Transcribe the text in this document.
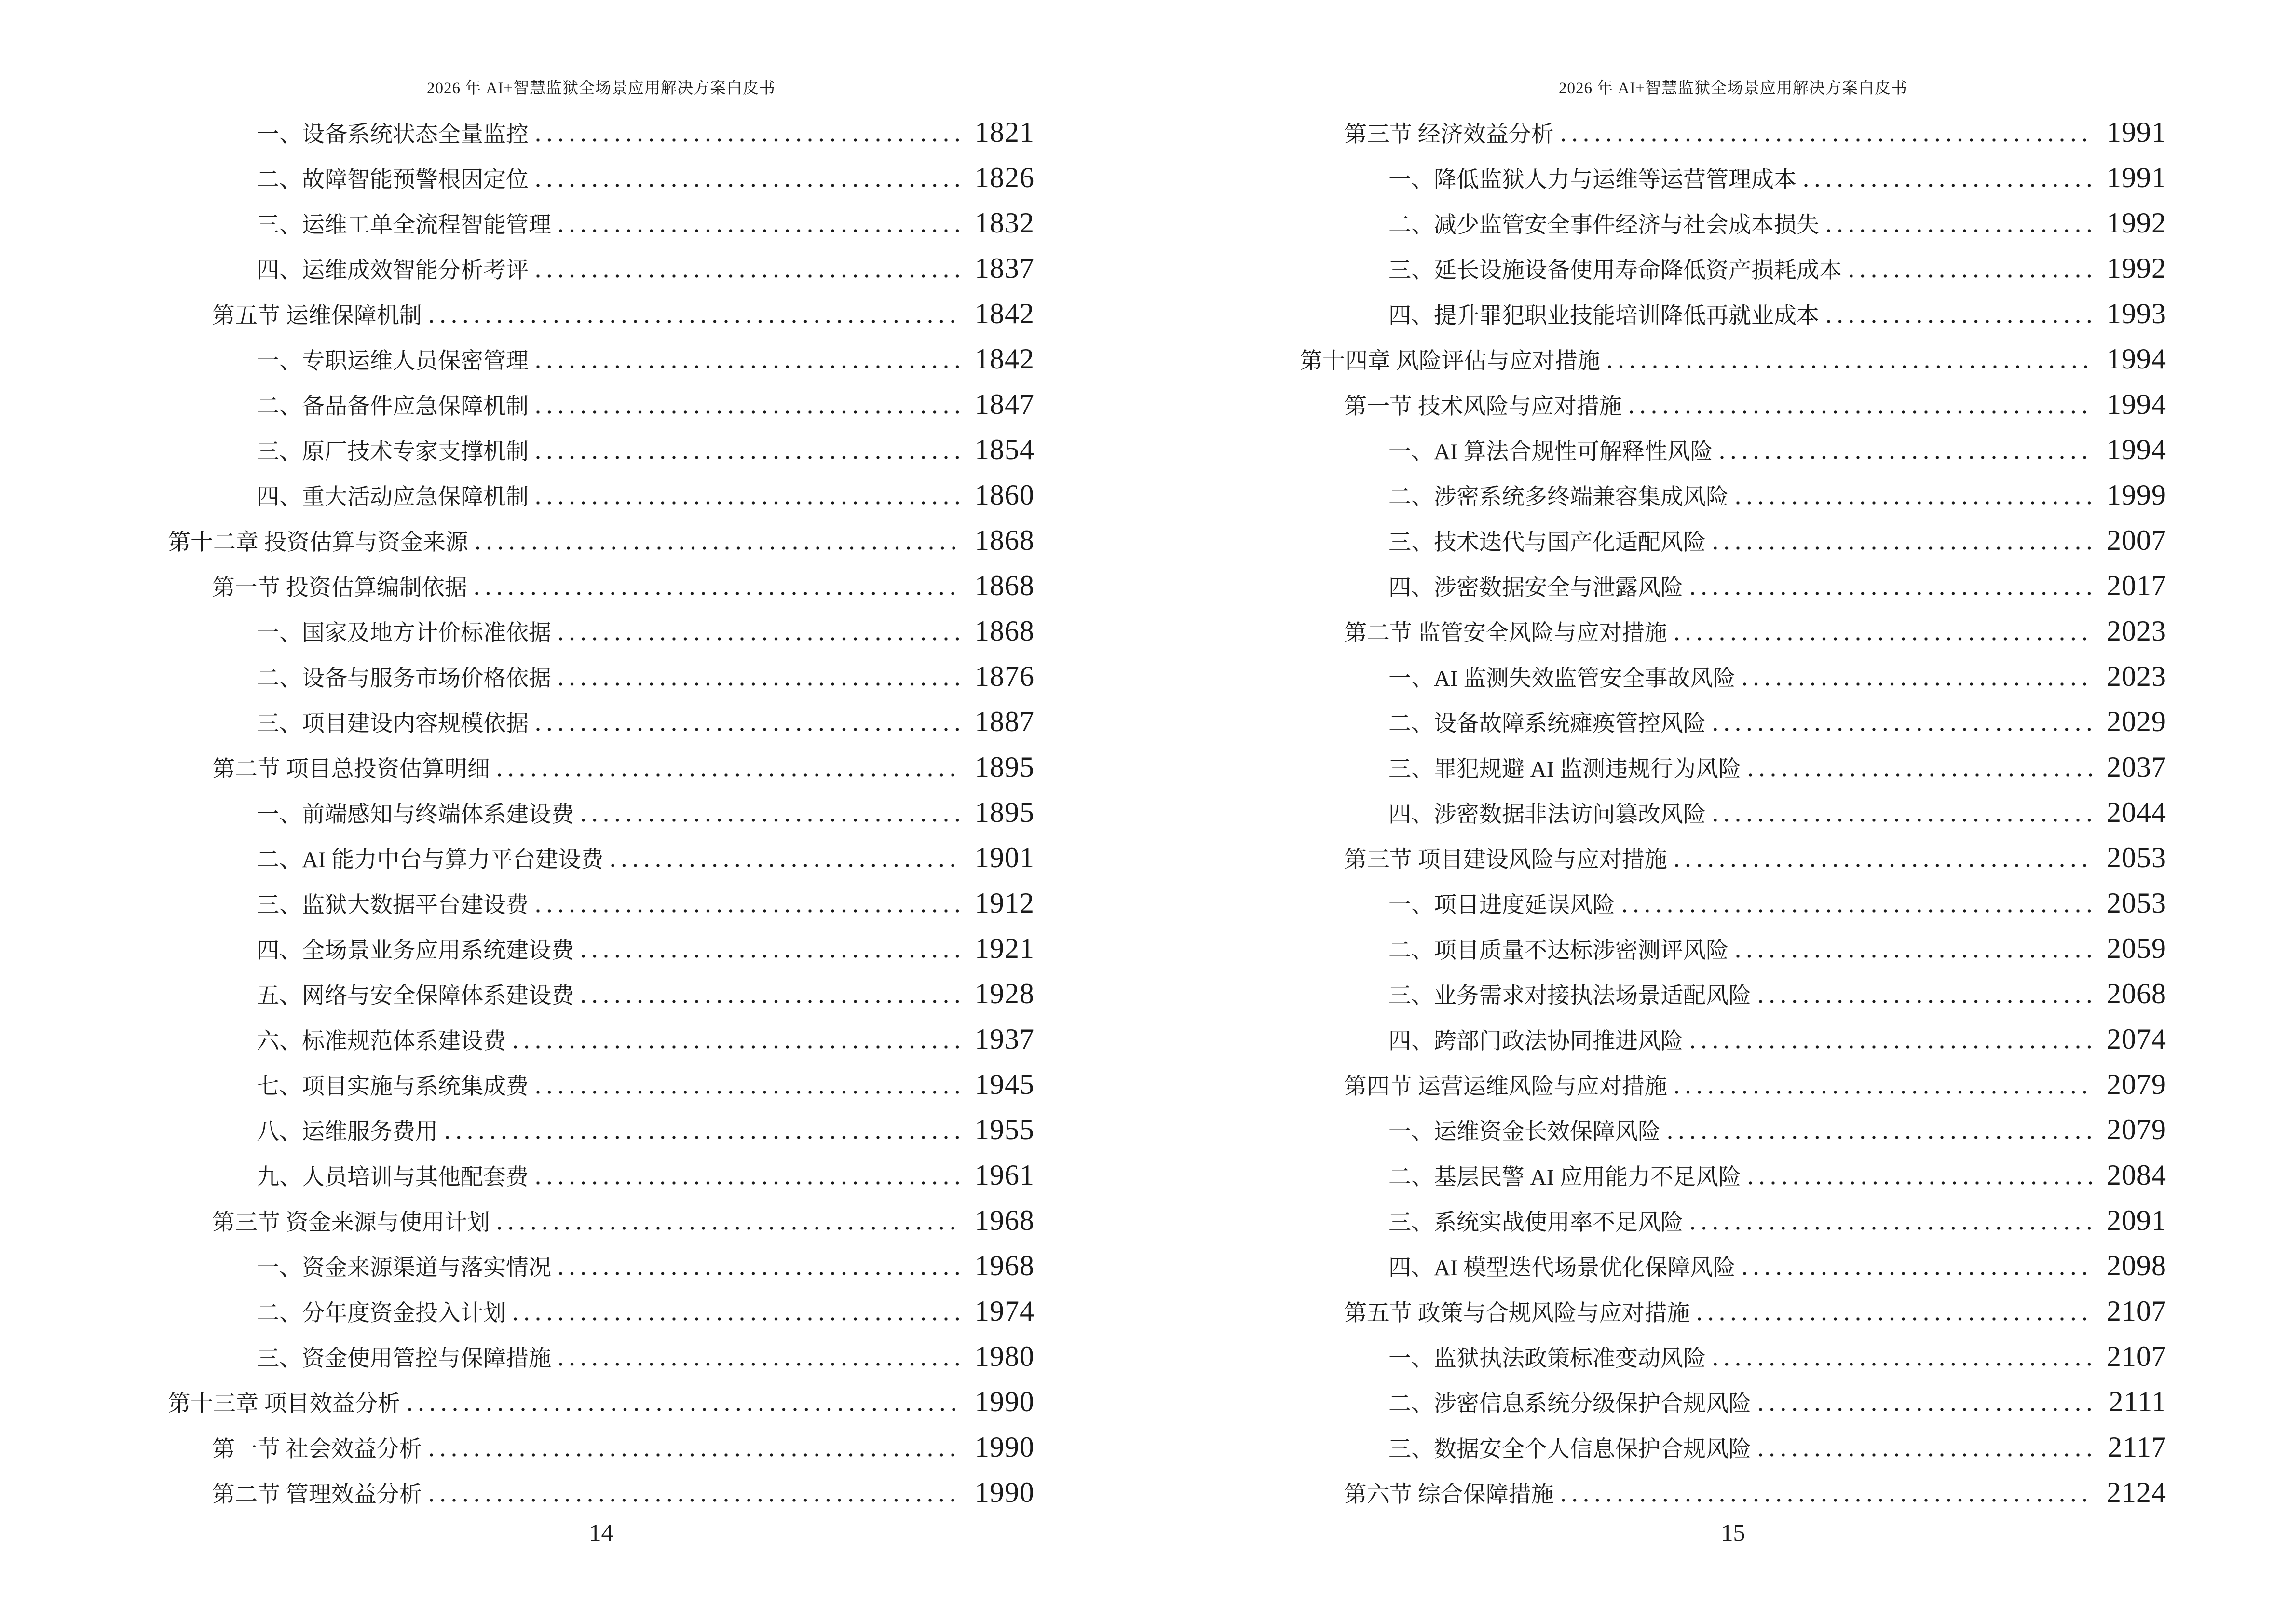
2026 年 AI+智慧监狱全场景应用解决方案白皮书
一、设备系统状态全量监控	1821
二、故障智能预警根因定位	1826
三、运维工单全流程智能管理	1832
四、运维成效智能分析考评	1837
第五节 运维保障机制	1842
一、专职运维人员保密管理	1842
二、备品备件应急保障机制	1847
三、原厂技术专家支撑机制	1854
四、重大活动应急保障机制	1860
第十二章 投资估算与资金来源	1868
第一节 投资估算编制依据	1868
一、国家及地方计价标准依据	1868
二、设备与服务市场价格依据	1876
三、项目建设内容规模依据	1887
第二节 项目总投资估算明细	1895
一、前端感知与终端体系建设费	1895
二、AI 能力中台与算力平台建设费	1901
三、监狱大数据平台建设费	1912
四、全场景业务应用系统建设费	1921
五、网络与安全保障体系建设费	1928
六、标准规范体系建设费	1937
七、项目实施与系统集成费	1945
八、运维服务费用	1955
九、人员培训与其他配套费	1961
第三节 资金来源与使用计划	1968
一、资金来源渠道与落实情况	1968
二、分年度资金投入计划	1974
三、资金使用管控与保障措施	1980
第十三章 项目效益分析	1990
第一节 社会效益分析	1990
第二节 管理效益分析	1990
14
2026 年 AI+智慧监狱全场景应用解决方案白皮书
第三节 经济效益分析	1991
一、降低监狱人力与运维等运营管理成本	1991
二、减少监管安全事件经济与社会成本损失	1992
三、延长设施设备使用寿命降低资产损耗成本	1992
四、提升罪犯职业技能培训降低再就业成本	1993
第十四章 风险评估与应对措施	1994
第一节 技术风险与应对措施	1994
一、AI 算法合规性可解释性风险	1994
二、涉密系统多终端兼容集成风险	1999
三、技术迭代与国产化适配风险	2007
四、涉密数据安全与泄露风险	2017
第二节 监管安全风险与应对措施	2023
一、AI 监测失效监管安全事故风险	2023
二、设备故障系统瘫痪管控风险	2029
三、罪犯规避 AI 监测违规行为风险	2037
四、涉密数据非法访问篡改风险	2044
第三节 项目建设风险与应对措施	2053
一、项目进度延误风险	2053
二、项目质量不达标涉密测评风险	2059
三、业务需求对接执法场景适配风险	2068
四、跨部门政法协同推进风险	2074
第四节 运营运维风险与应对措施	2079
一、运维资金长效保障风险	2079
二、基层民警 AI 应用能力不足风险	2084
三、系统实战使用率不足风险	2091
四、AI 模型迭代场景优化保障风险	2098
第五节 政策与合规风险与应对措施	2107
一、监狱执法政策标准变动风险	2107
二、涉密信息系统分级保护合规风险	2111
三、数据安全个人信息保护合规风险	2117
第六节 综合保障措施	2124
15
